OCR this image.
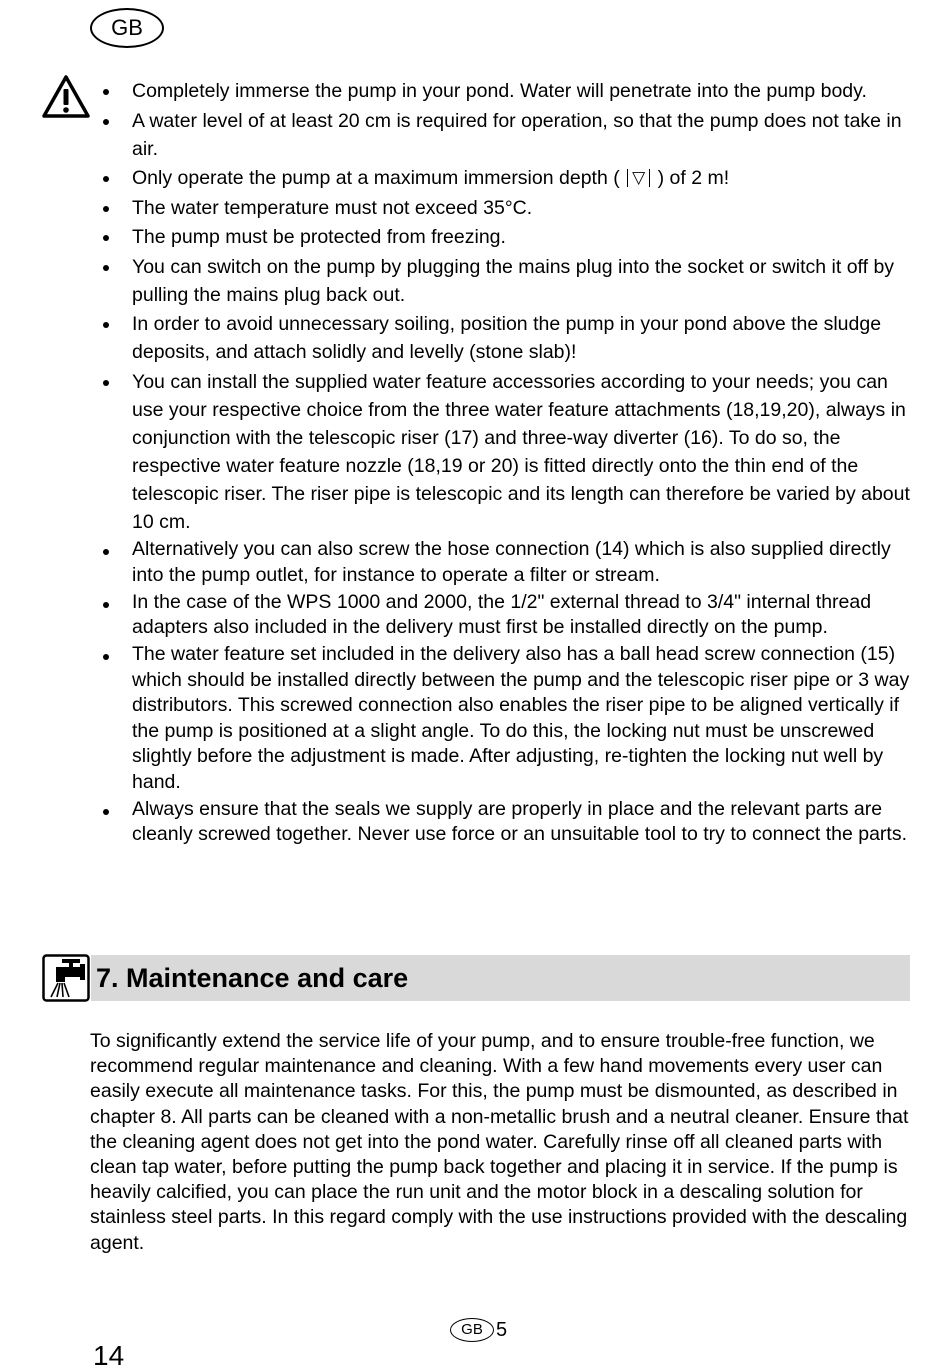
GB
Completely immerse the pump in your pond. Water will penetrate into the pump body.
A water level of at least 20 cm is required for operation, so that the pump does not take in air.
Only operate the pump at a maximum immersion depth ( ▽ ) of 2 m!
The water temperature must not exceed 35°C.
The pump must be protected from freezing.
You can switch on the pump by plugging the mains plug into the socket or switch it off by pulling the mains plug back out.
In order to avoid unnecessary soiling, position the pump in your pond above the sludge deposits, and attach solidly and levelly (stone slab)!
You can install the supplied water feature accessories according to your needs; you can use your respective choice from the three water feature attachments (18,19,20), always in conjunction with the telescopic riser (17) and three-way diverter (16). To do so, the respective water feature nozzle (18,19 or 20) is fitted directly onto the thin end of the telescopic riser. The riser pipe is telescopic and its length can therefore be varied by about 10 cm.
Alternatively you can also screw the hose connection (14) which is also supplied directly into the pump outlet, for instance to operate a filter or stream.
In the case of the WPS 1000 and 2000, the 1/2" external thread to 3/4" internal thread adapters also included in the delivery must first be installed directly on the pump.
The water feature set included in the delivery also has a ball head screw connection (15) which should be installed directly between the pump and the telescopic riser pipe or 3 way distributors. This screwed connection also enables the riser pipe to be aligned vertically if the pump is positioned at a slight angle. To do this, the locking nut must be unscrewed slightly before the adjustment is made. After adjusting, re-tighten the locking nut well by hand.
Always ensure that the seals we supply are properly in place and the relevant parts are cleanly screwed together. Never use force or an unsuitable tool to try to connect the parts.
7. Maintenance and care

To significantly extend the service life of your pump, and to ensure trouble-free function, we recommend regular maintenance and cleaning. With a few hand movements every user can easily execute all maintenance tasks. For this, the pump must be dismounted, as described in chapter 8. All parts can be cleaned with a non-metallic brush and a neutral cleaner. Ensure that the cleaning agent does not get into the pond water. Carefully rinse off all cleaned parts with clean tap water, before putting the pump back together and placing it in service. If the pump is heavily calcified, you can place the run unit and the motor block in a descaling solution for stainless steel parts. In this regard comply with the use instructions provided with the descaling agent.

GB 5
14
